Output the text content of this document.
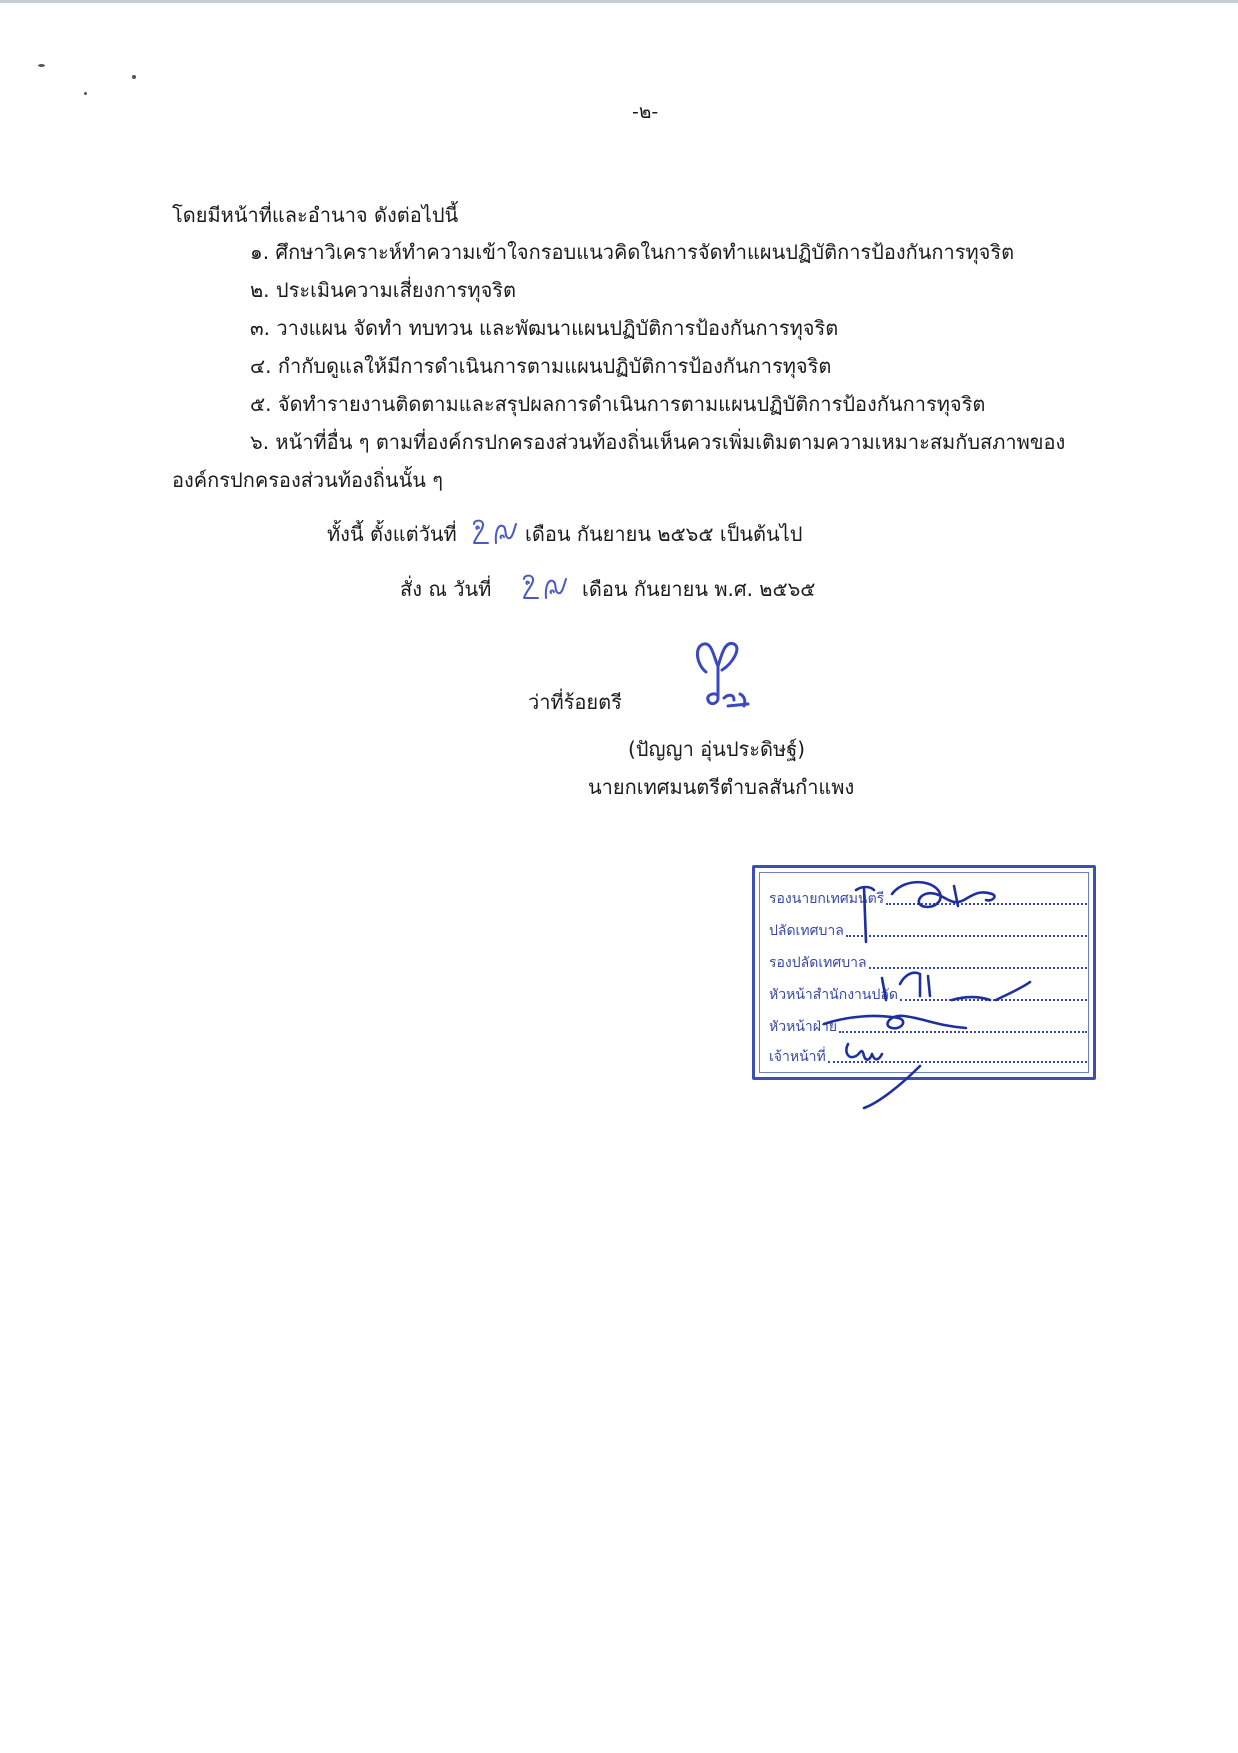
-๒-
โดยมีหน้าที่และอำนาจ ดังต่อไปนี้
๑. ศึกษาวิเคราะห์ทำความเข้าใจกรอบแนวคิดในการจัดทำแผนปฏิบัติการป้องกันการทุจริต
๒. ประเมินความเสี่ยงการทุจริต
๓. วางแผน จัดทำ ทบทวน และพัฒนาแผนปฏิบัติการป้องกันการทุจริต
๔. กำกับดูแลให้มีการดำเนินการตามแผนปฏิบัติการป้องกันการทุจริต
๕. จัดทำรายงานติดตามและสรุปผลการดำเนินการตามแผนปฏิบัติการป้องกันการทุจริต
๖. หน้าที่อื่น ๆ ตามที่องค์กรปกครองส่วนท้องถิ่นเห็นควรเพิ่มเติมตามความเหมาะสมกับสภาพของ
องค์กรปกครองส่วนท้องถิ่นนั้น ๆ
ทั้งนี้ ตั้งแต่วันที่	เดือน กันยายน ๒๕๖๕ เป็นต้นไป
สั่ง ณ วันที่	เดือน กันยายน พ.ศ. ๒๕๖๕
ว่าที่ร้อยตรี
(ปัญญา อุ่นประดิษฐ์)
นายกเทศมนตรีตำบลสันกำแพง
รองนายกเทศมนตรี
ปลัดเทศบาล
รองปลัดเทศบาล
หัวหน้าสำนักงานปลัด
หัวหน้าฝ่าย
เจ้าหน้าที่
